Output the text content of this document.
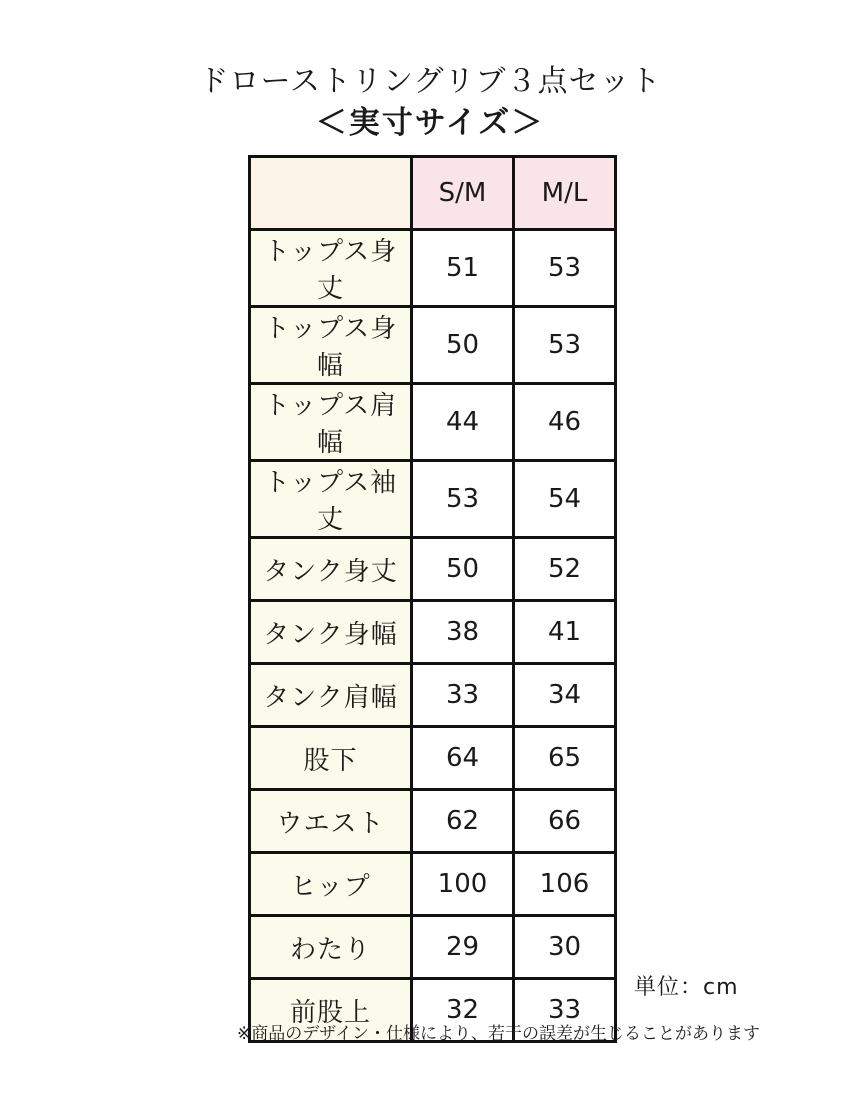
ドローストリングリブ３点セット
＜実寸サイズ＞
	S/M	M/L
トップス身丈	51	53
トップス身幅	50	53
トップス肩幅	44	46
トップス袖丈	53	54
タンク身丈	50	52
タンク身幅	38	41
タンク肩幅	33	34
股下	64	65
ウエスト	62	66
ヒップ	100	106
わたり	29	30
前股上	32	33
単位：cm
※商品のデザイン・仕様により、若干の誤差が生じることがあります
